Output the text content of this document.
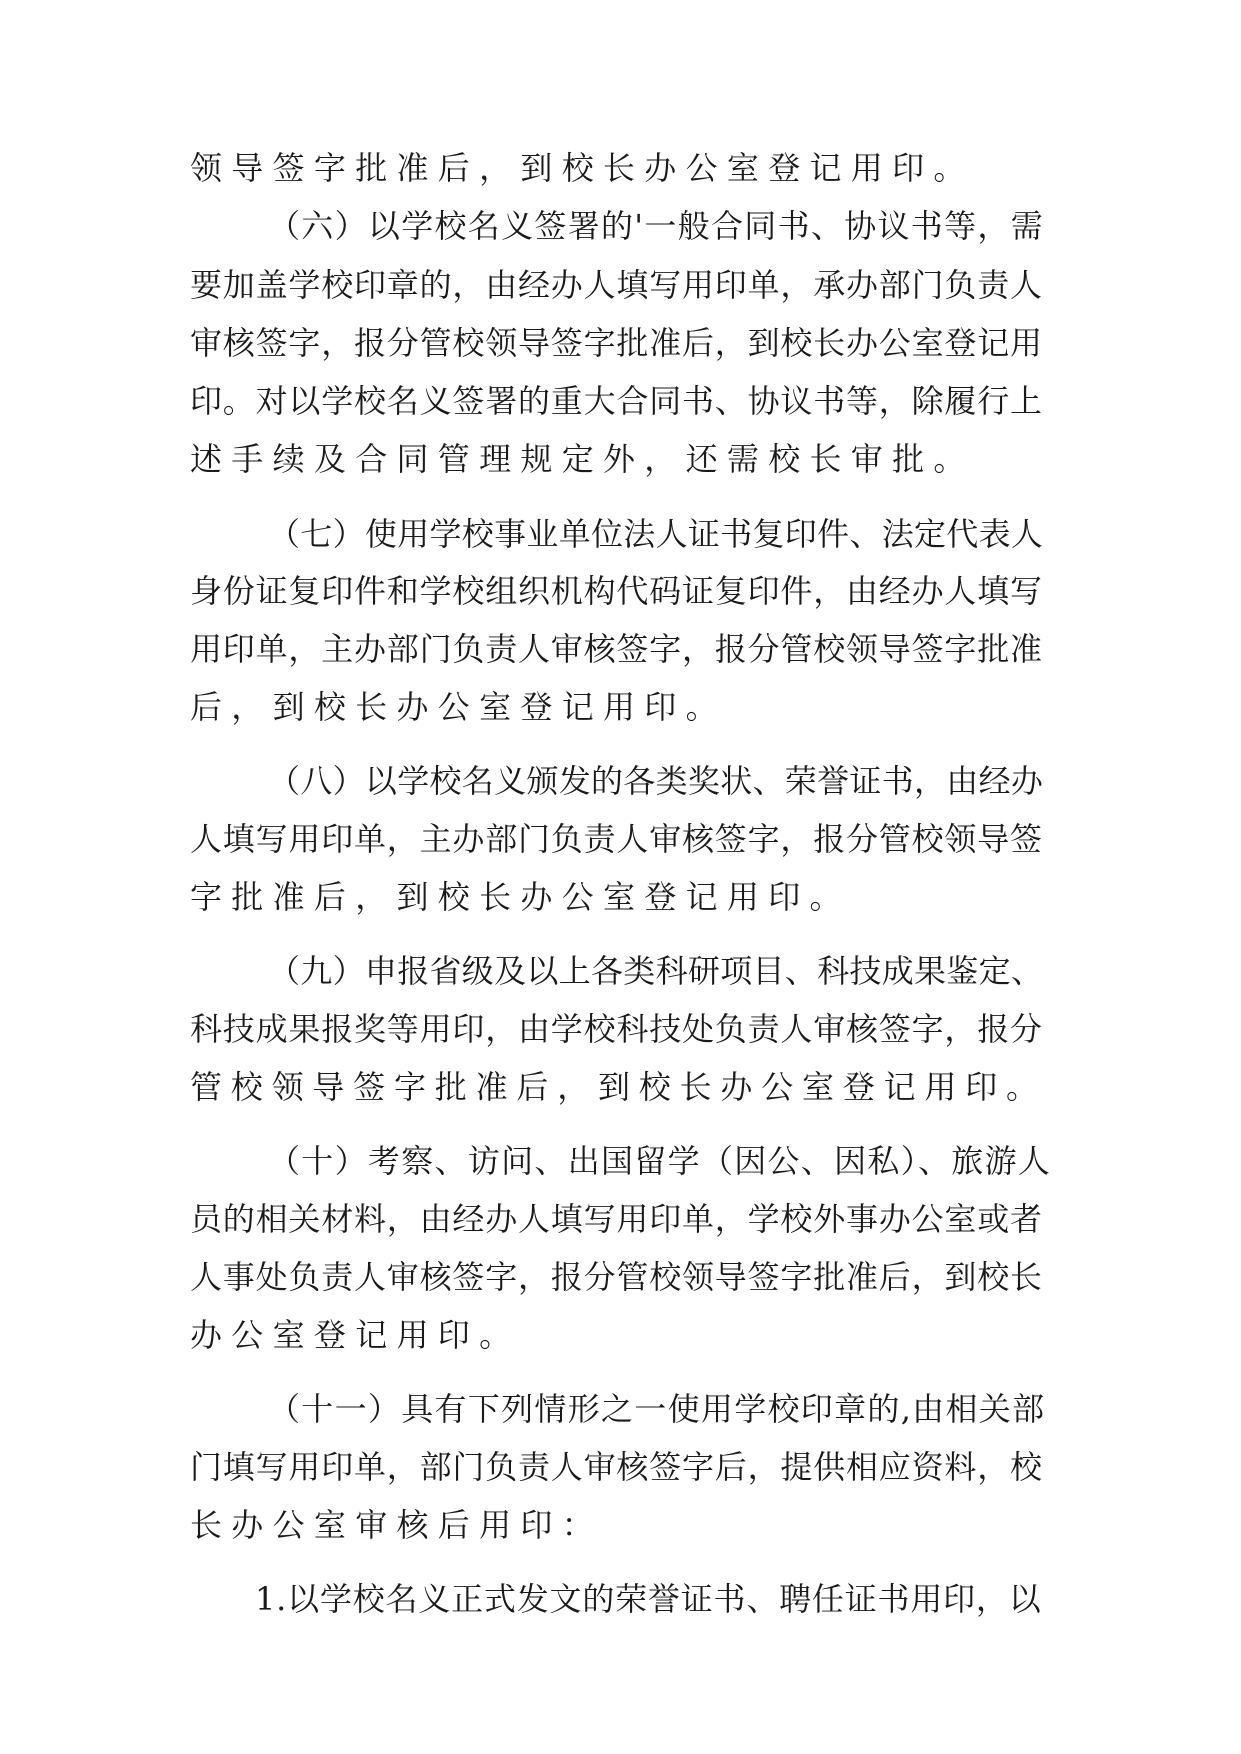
领导签字批准后，到校长办公室登记用印。
（六）以学校名义签署的'一般合同书、协议书等，需
要加盖学校印章的，由经办人填写用印单，承办部门负责人
审核签字，报分管校领导签字批准后，到校长办公室登记用
印。对以学校名义签署的重大合同书、协议书等，除履行上
述手续及合同管理规定外，还需校长审批。
（七）使用学校事业单位法人证书复印件、法定代表人
身份证复印件和学校组织机构代码证复印件，由经办人填写
用印单，主办部门负责人审核签字，报分管校领导签字批准
后，到校长办公室登记用印。
（八）以学校名义颁发的各类奖状、荣誉证书，由经办
人填写用印单，主办部门负责人审核签字，报分管校领导签
字批准后，到校长办公室登记用印。
（九）申报省级及以上各类科研项目、科技成果鉴定、
科技成果报奖等用印，由学校科技处负责人审核签字，报分
管校领导签字批准后，到校长办公室登记用印。
（十）考察、访问、出国留学（因公、因私）、旅游人
员的相关材料，由经办人填写用印单，学校外事办公室或者
人事处负责人审核签字，报分管校领导签字批准后，到校长
办公室登记用印。
（十一）具有下列情形之一使用学校印章的,由相关部
门填写用印单，部门负责人审核签字后，提供相应资料，校
长办公室审核后用印：
1.以学校名义正式发文的荣誉证书、聘任证书用印，以
